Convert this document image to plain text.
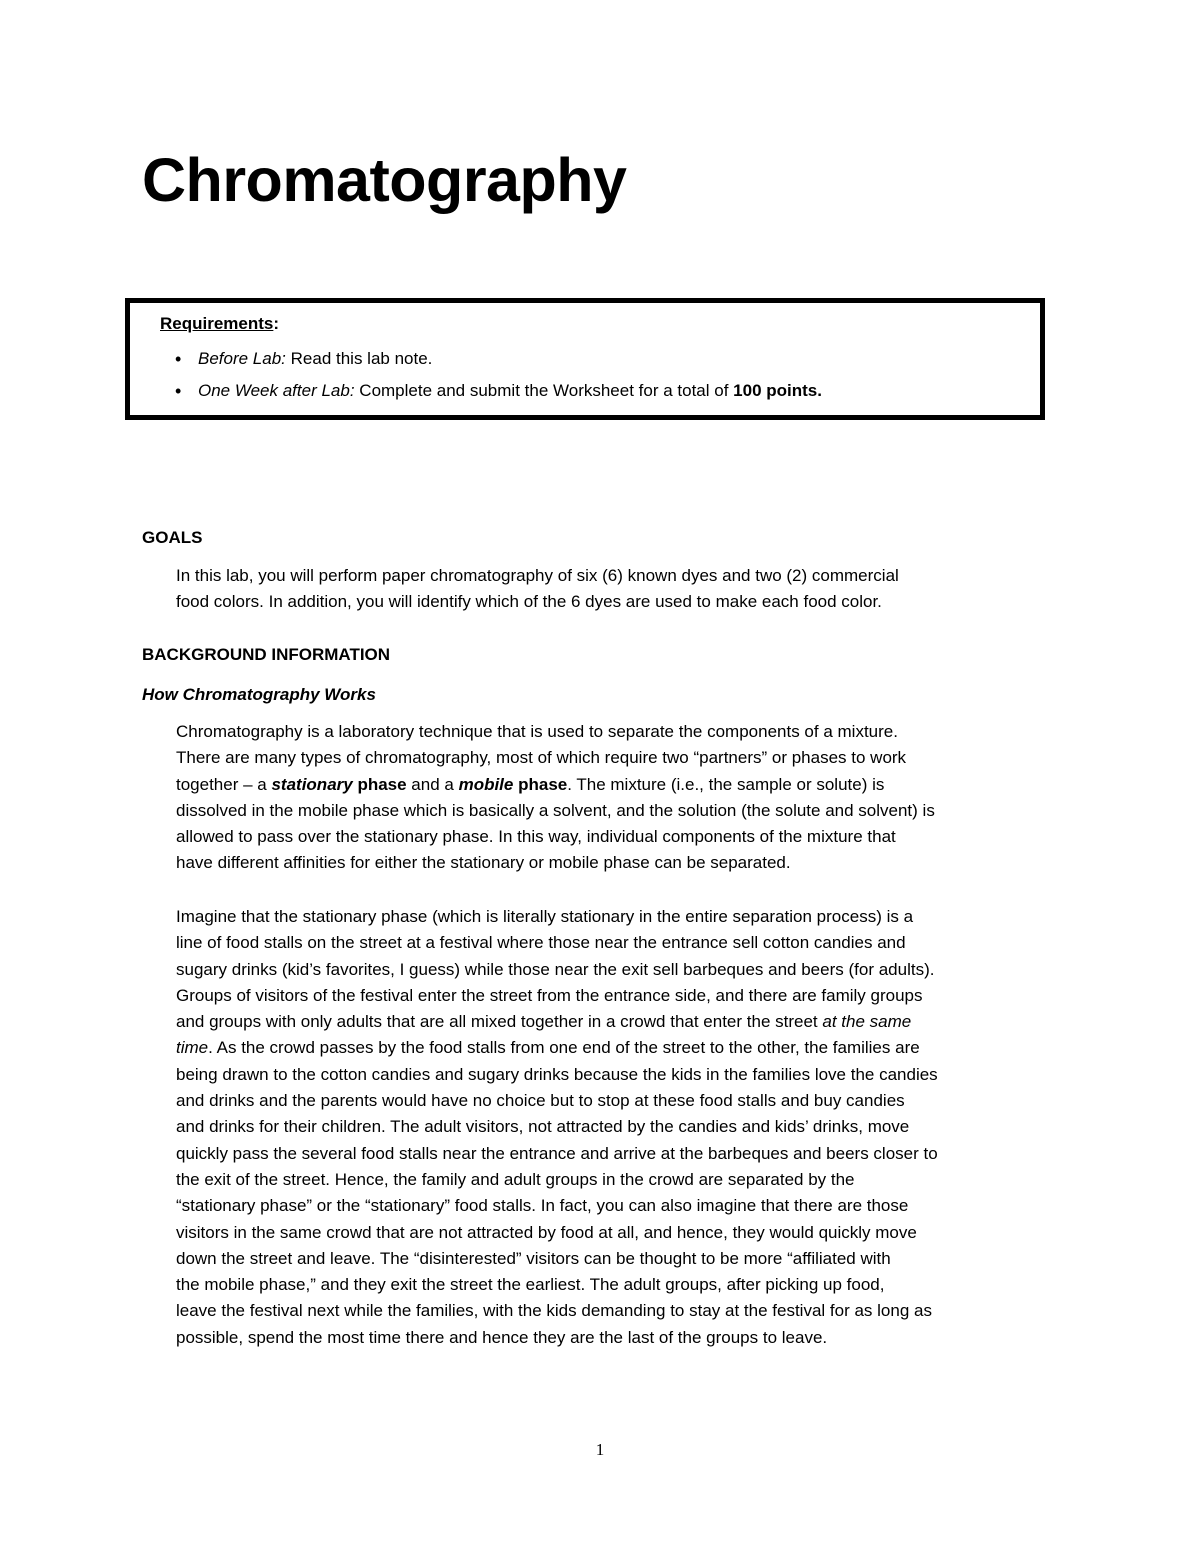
Chromatography
Requirements:
• Before Lab: Read this lab note.
• One Week after Lab: Complete and submit the Worksheet for a total of 100 points.
GOALS

In this lab, you will perform paper chromatography of six (6) known dyes and two (2) commercial
food colors. In addition, you will identify which of the 6 dyes are used to make each food color.

BACKGROUND INFORMATION
How Chromatography Works

Chromatography is a laboratory technique that is used to separate the components of a mixture.
There are many types of chromatography, most of which require two “partners” or phases to work
together – a stationary phase and a mobile phase. The mixture (i.e., the sample or solute) is
dissolved in the mobile phase which is basically a solvent, and the solution (the solute and solvent) is
allowed to pass over the stationary phase. In this way, individual components of the mixture that
have different affinities for either the stationary or mobile phase can be separated.

Imagine that the stationary phase (which is literally stationary in the entire separation process) is a
line of food stalls on the street at a festival where those near the entrance sell cotton candies and
sugary drinks (kid’s favorites, I guess) while those near the exit sell barbeques and beers (for adults).
Groups of visitors of the festival enter the street from the entrance side, and there are family groups
and groups with only adults that are all mixed together in a crowd that enter the street at the same
time. As the crowd passes by the food stalls from one end of the street to the other, the families are
being drawn to the cotton candies and sugary drinks because the kids in the families love the candies
and drinks and the parents would have no choice but to stop at these food stalls and buy candies
and drinks for their children. The adult visitors, not attracted by the candies and kids’ drinks, move
quickly pass the several food stalls near the entrance and arrive at the barbeques and beers closer to
the exit of the street. Hence, the family and adult groups in the crowd are separated by the
“stationary phase” or the “stationary” food stalls. In fact, you can also imagine that there are those
visitors in the same crowd that are not attracted by food at all, and hence, they would quickly move
down the street and leave. The “disinterested” visitors can be thought to be more “affiliated with
the mobile phase,” and they exit the street the earliest. The adult groups, after picking up food,
leave the festival next while the families, with the kids demanding to stay at the festival for as long as
possible, spend the most time there and hence they are the last of the groups to leave.

1
